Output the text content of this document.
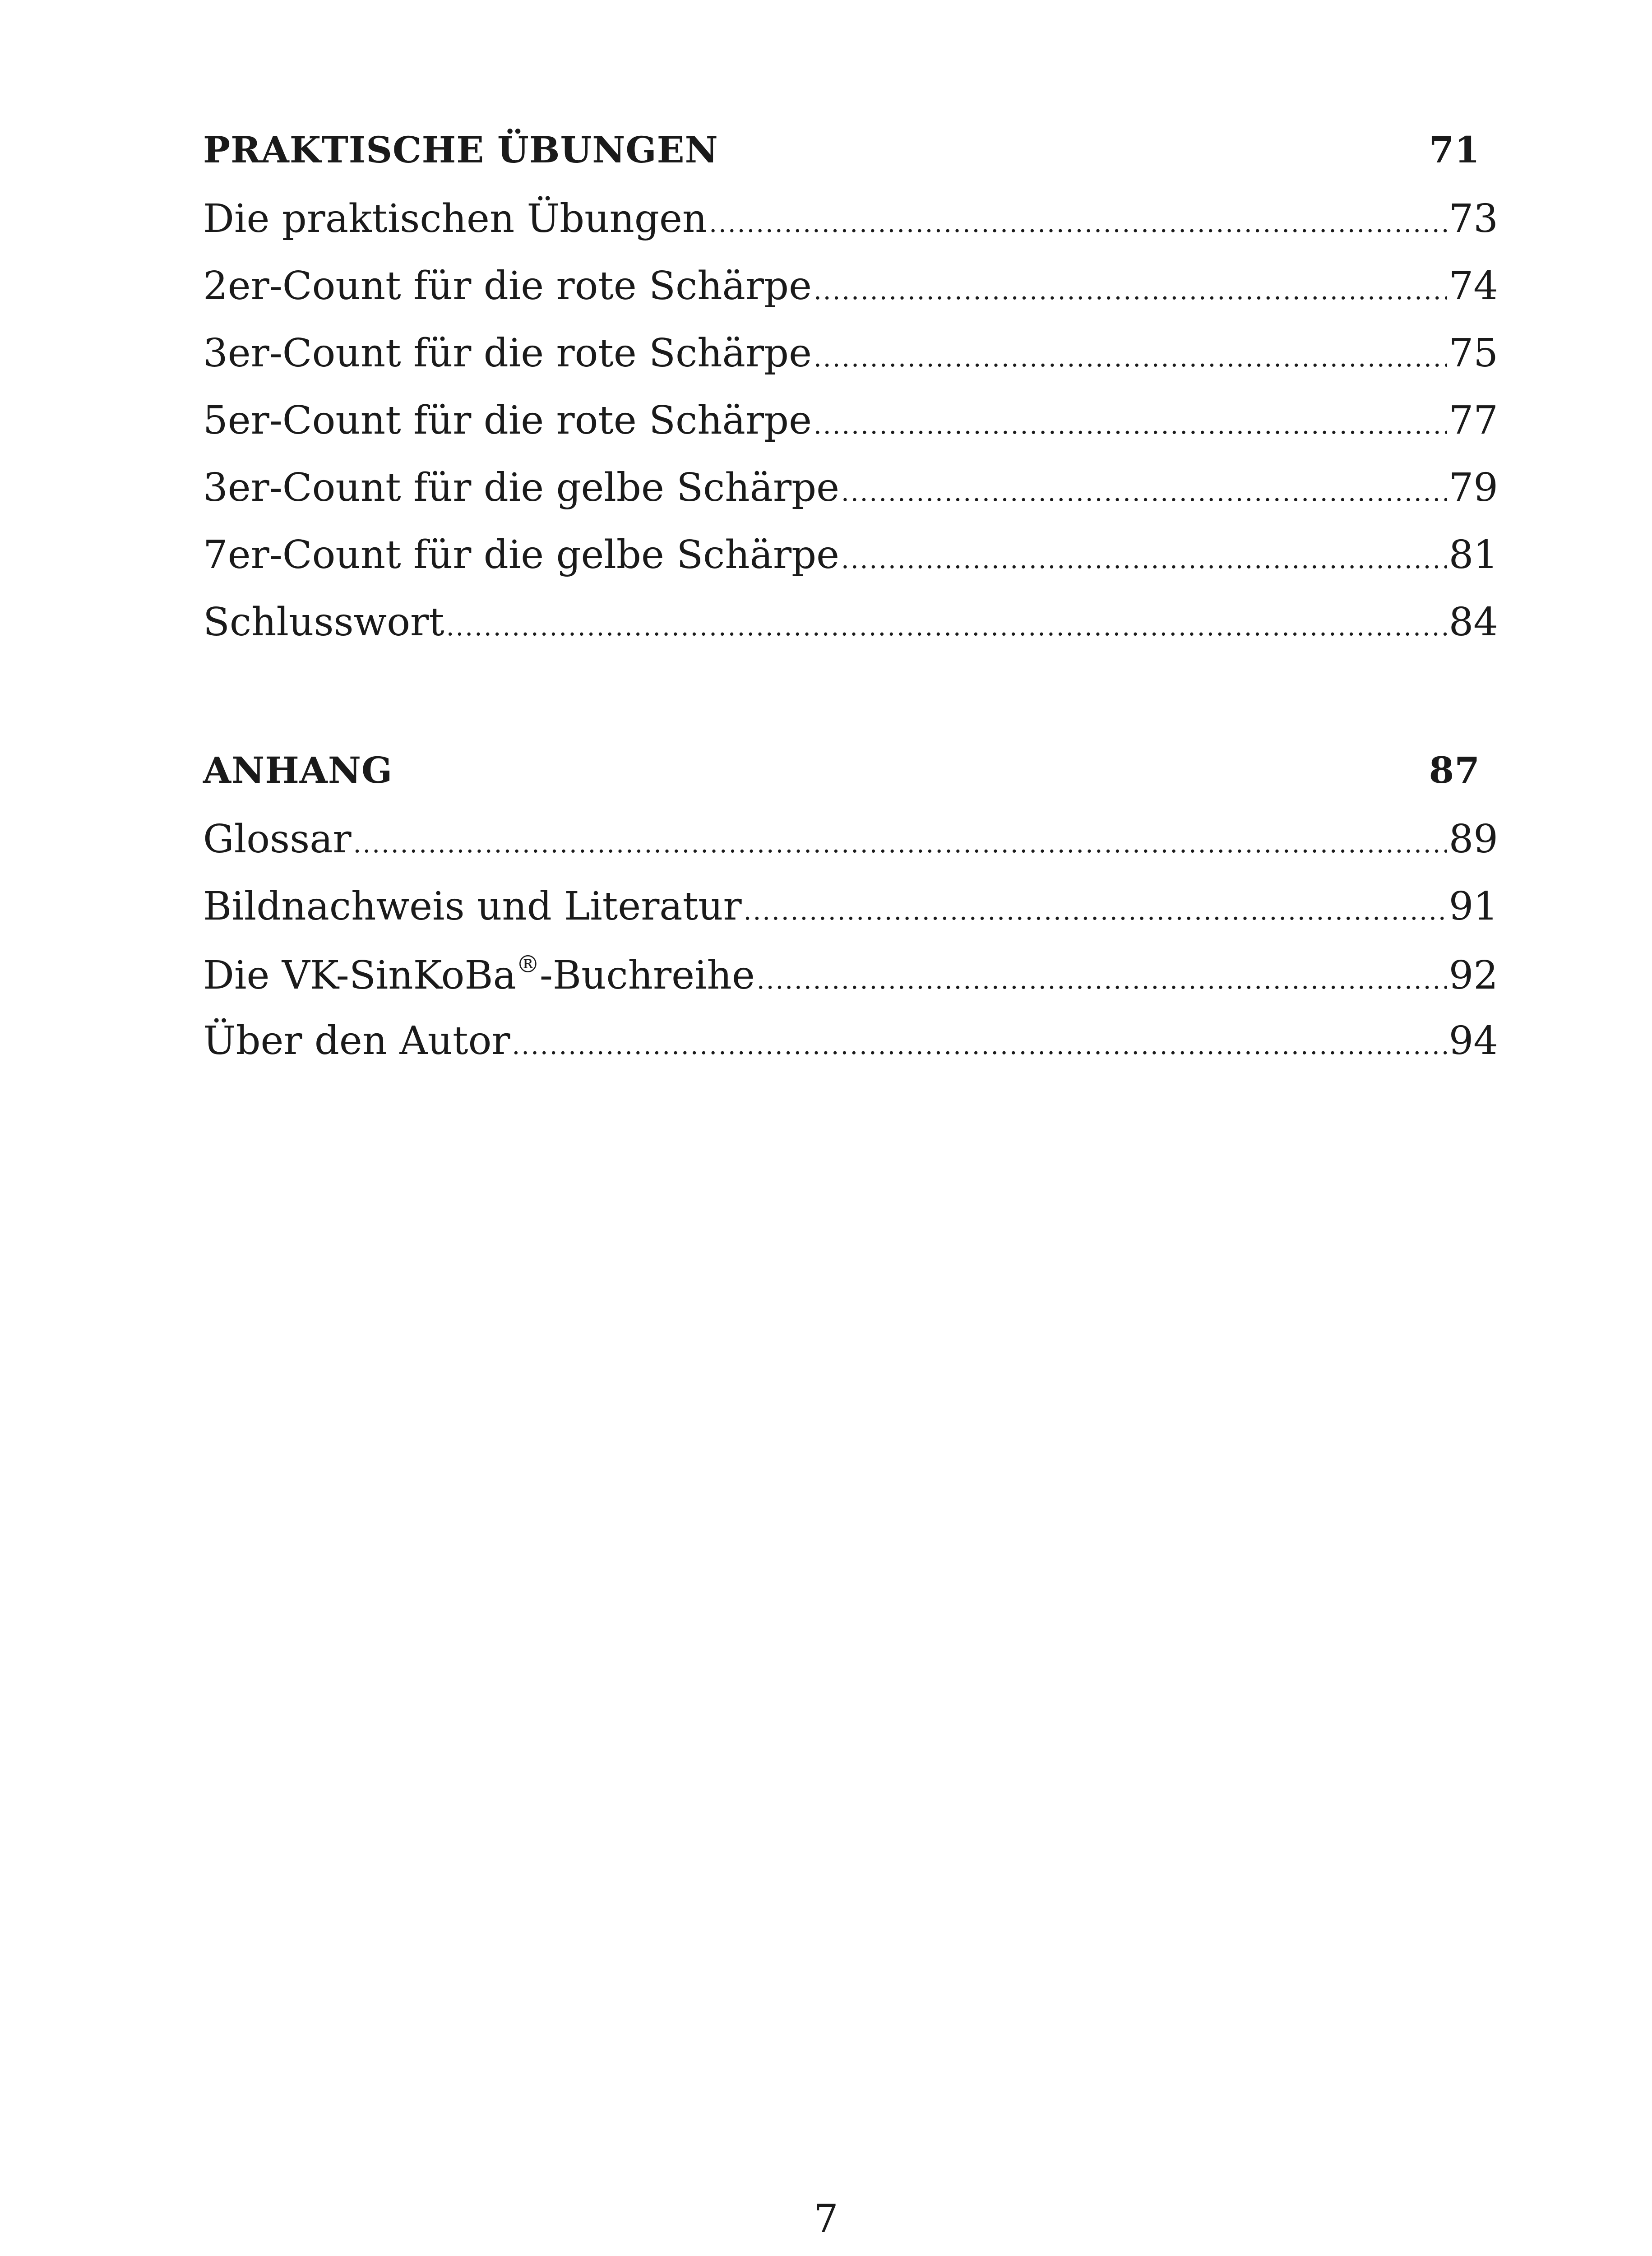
PRAKTISCHE ÜBUNGEN	71
Die praktischen Übungen .....	73
2er-Count für die rote Schärpe .....	74
3er-Count für die rote Schärpe .....	75
5er-Count für die rote Schärpe .....	77
3er-Count für die gelbe Schärpe .....	79
7er-Count für die gelbe Schärpe .....	81
Schlusswort .....	84
ANHANG	87
Glossar .....	89
Bildnachweis und Literatur .....	91
Die VK-SinKoBa®-Buchreihe .....	92
Über den Autor .....	94
7
